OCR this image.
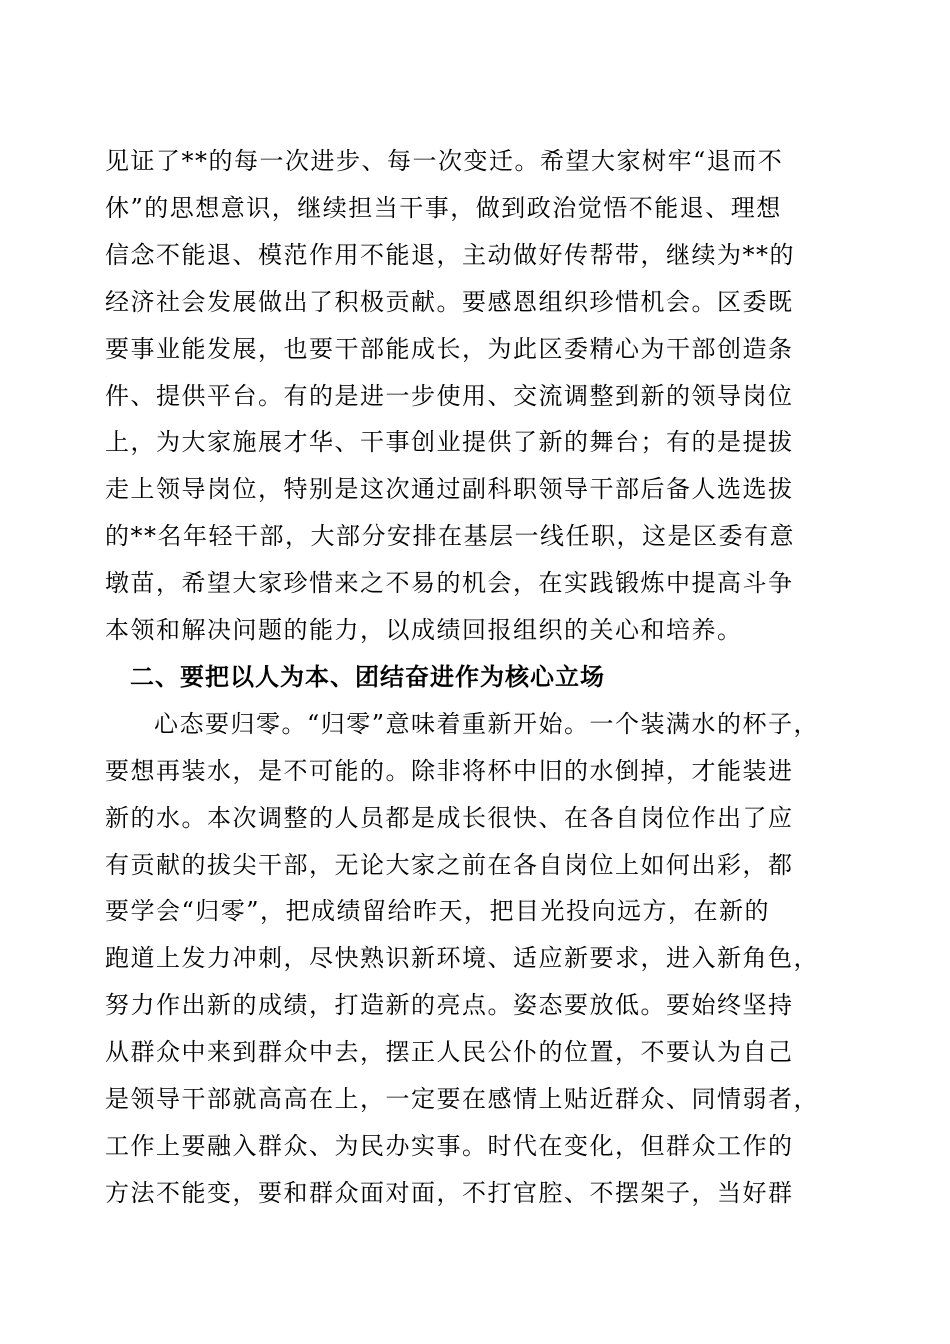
见证了**的每一次进步、每一次变迁。希望大家树牢“退而不
休”的思想意识，继续担当干事，做到政治觉悟不能退、理想
信念不能退、模范作用不能退，主动做好传帮带，继续为**的
经济社会发展做出了积极贡献。要感恩组织珍惜机会。区委既
要事业能发展，也要干部能成长，为此区委精心为干部创造条
件、提供平台。有的是进一步使用、交流调整到新的领导岗位
上，为大家施展才华、干事创业提供了新的舞台；有的是提拔
走上领导岗位，特别是这次通过副科职领导干部后备人选选拔
的**名年轻干部，大部分安排在基层一线任职，这是区委有意
墩苗，希望大家珍惜来之不易的机会，在实践锻炼中提高斗争
本领和解决问题的能力，以成绩回报组织的关心和培养。
二、要把以人为本、团结奋进作为核心立场
心态要归零。“归零”意味着重新开始。一个装满水的杯子，
要想再装水，是不可能的。除非将杯中旧的水倒掉，才能装进
新的水。本次调整的人员都是成长很快、在各自岗位作出了应
有贡献的拔尖干部，无论大家之前在各自岗位上如何出彩，都
要学会“归零”，把成绩留给昨天，把目光投向远方，在新的
跑道上发力冲刺，尽快熟识新环境、适应新要求，进入新角色，
努力作出新的成绩，打造新的亮点。姿态要放低。要始终坚持
从群众中来到群众中去，摆正人民公仆的位置，不要认为自己
是领导干部就高高在上，一定要在感情上贴近群众、同情弱者，
工作上要融入群众、为民办实事。时代在变化，但群众工作的
方法不能变，要和群众面对面，不打官腔、不摆架子，当好群
